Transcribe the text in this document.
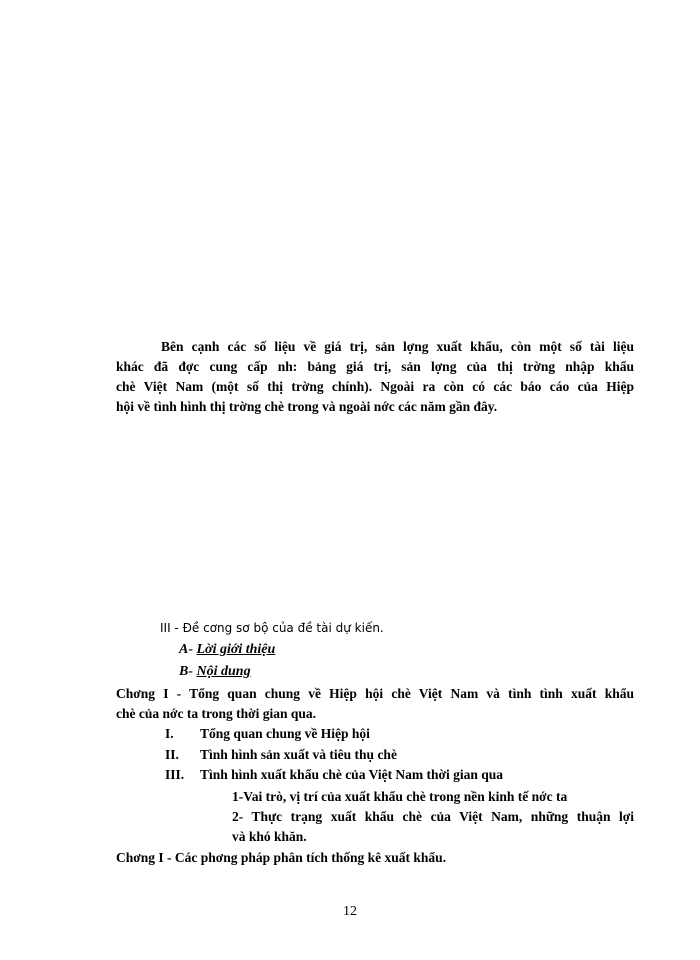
Bên cạnh các số liệu về giá trị, sản lợng xuất khẩu, còn một số tài liệu
khác đã đợc cung cấp nh: bảng giá trị, sản lợng của thị trờng nhập khẩu
chè Việt Nam (một số thị trờng chính). Ngoài ra còn có các báo cáo của Hiệp
hội về tình hình thị trờng chè trong và ngoài nớc các năm gần đây.
III - Đề cơng sơ bộ của đề tài dự kiến.
A- Lời giới thiệu
B- Nội dung
Chơng I - Tổng quan chung về Hiệp hội chè Việt Nam và tình tình xuất khẩu
chè của nớc ta trong thời gian qua.
I. Tổng quan chung về Hiệp hội
II. Tình hình sản xuất và tiêu thụ chè
III. Tình hình xuất khẩu chè của Việt Nam thời gian qua
1-Vai trò, vị trí của xuất khẩu chè trong nền kinh tế nớc ta
2- Thực trạng xuất khẩu chè của Việt Nam, những thuận lợi
và khó khăn.
Chơng I - Các phơng pháp phân tích thống kê xuất khẩu.
12
